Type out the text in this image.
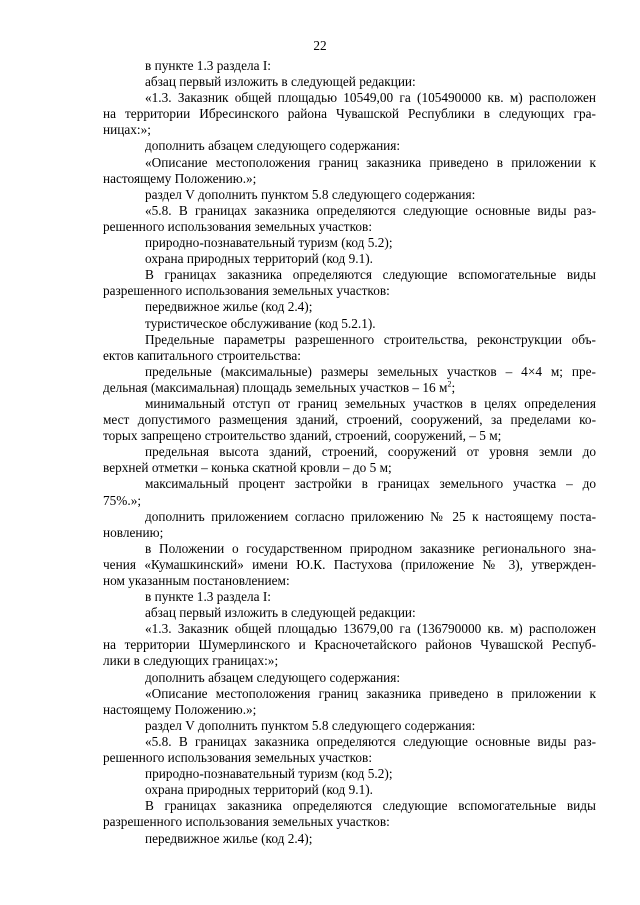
22
в пункте 1.3 раздела I:
абзац первый изложить в следующей редакции:
«1.3. Заказник общей площадью 10549,00 га (105490000 кв. м) расположен
на территории Ибресинского района Чувашской Республики в следующих гра-
ницах:»;
дополнить абзацем следующего содержания:
«Описание местоположения границ заказника приведено в приложении к
настоящему Положению.»;
раздел V дополнить пунктом 5.8 следующего содержания:
«5.8. В границах заказника определяются следующие основные виды раз-
решенного использования земельных участков:
природно-познавательный туризм (код 5.2);
охрана природных территорий (код 9.1).
В границах заказника определяются следующие вспомогательные виды
разрешенного использования земельных участков:
передвижное жилье (код 2.4);
туристическое обслуживание (код 5.2.1).
Предельные параметры разрешенного строительства, реконструкции объ-
ектов капитального строительства:
предельные (максимальные) размеры земельных участков – 4×4 м; пре-
дельная (максимальная) площадь земельных участков – 16 $м^2$;
минимальный отступ от границ земельных участков в целях определения
мест допустимого размещения зданий, строений, сооружений, за пределами ко-
торых запрещено строительство зданий, строений, сооружений, – 5 м;
предельная высота зданий, строений, сооружений от уровня земли до
верхней отметки – конька скатной кровли – до 5 м;
максимальный процент застройки в границах земельного участка – до
75%.»;
дополнить приложением согласно приложению № 25 к настоящему поста-
новлению;
в Положении о государственном природном заказнике регионального зна-
чения «Кумашкинский» имени Ю.К. Пастухова (приложение № 3), утвержден-
ном указанным постановлением:
в пункте 1.3 раздела I:
абзац первый изложить в следующей редакции:
«1.3. Заказник общей площадью 13679,00 га (136790000 кв. м) расположен
на территории Шумерлинского и Красночетайского районов Чувашской Респуб-
лики в следующих границах:»;
дополнить абзацем следующего содержания:
«Описание местоположения границ заказника приведено в приложении к
настоящему Положению.»;
раздел V дополнить пунктом 5.8 следующего содержания:
«5.8. В границах заказника определяются следующие основные виды раз-
решенного использования земельных участков:
природно-познавательный туризм (код 5.2);
охрана природных территорий (код 9.1).
В границах заказника определяются следующие вспомогательные виды
разрешенного использования земельных участков:
передвижное жилье (код 2.4);
